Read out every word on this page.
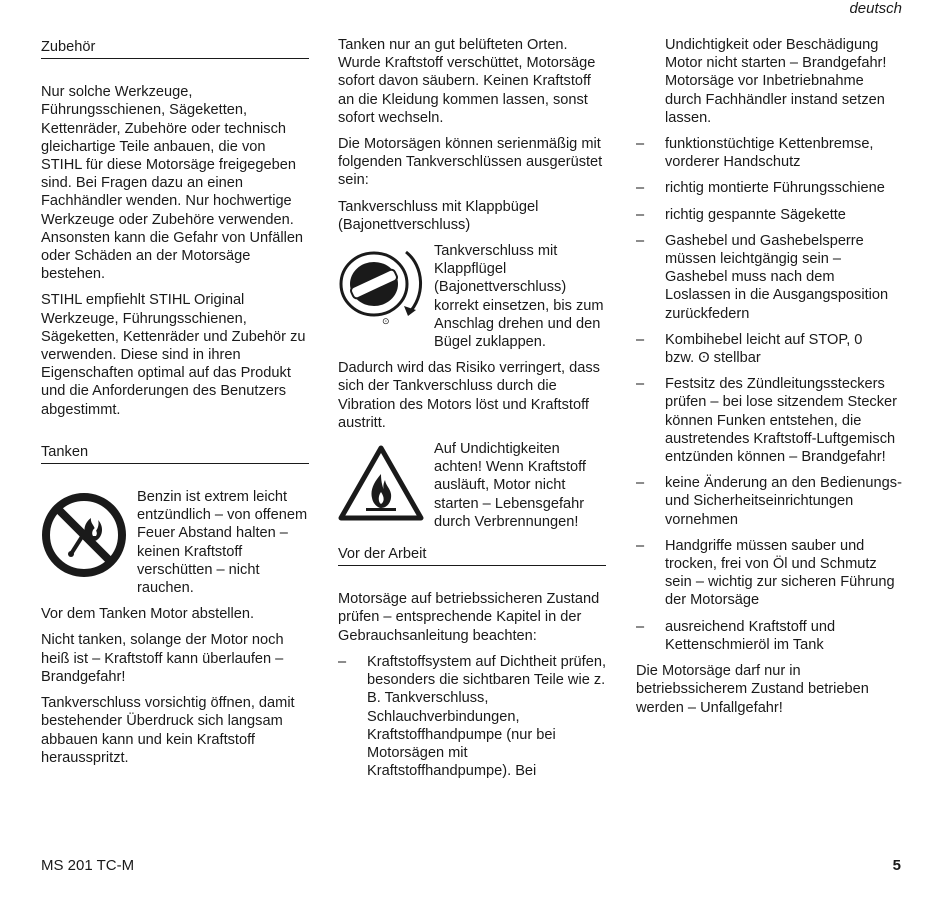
deutsch
Zubehör

Nur solche Werkzeuge, Führungsschienen, Sägeketten, Kettenräder, Zubehöre oder technisch gleichartige Teile anbauen, die von STIHL für diese Motorsäge freigegeben sind. Bei Fragen dazu an einen Fachhändler wenden. Nur hochwertige Werkzeuge oder Zubehöre verwenden. Ansonsten kann die Gefahr von Unfällen oder Schäden an der Motorsäge bestehen.

STIHL empfiehlt STIHL Original Werkzeuge, Führungsschienen, Sägeketten, Kettenräder und Zubehör zu verwenden. Diese sind in ihren Eigenschaften optimal auf das Produkt und die Anforderungen des Benutzers abgestimmt.

Tanken
Benzin ist extrem leicht entzündlich – von offenem Feuer Abstand halten – keinen Kraftstoff verschütten – nicht rauchen.

Vor dem Tanken Motor abstellen.

Nicht tanken, solange der Motor noch heiß ist – Kraftstoff kann überlaufen –
Brandgefahr!

Tankverschluss vorsichtig öffnen, damit bestehender Überdruck sich langsam abbauen kann und kein Kraftstoff herausspritzt.

Tanken nur an gut belüfteten Orten. Wurde Kraftstoff verschüttet, Motorsäge sofort davon säubern. Keinen Kraftstoff an die Kleidung kommen lassen, sonst sofort wechseln.

Die Motorsägen können serienmäßig mit folgenden Tankverschlüssen ausgerüstet sein:

Tankverschluss mit Klappbügel (Bajonettverschluss)
⊙
Tankverschluss mit Klappflügel (Bajonettverschluss) korrekt einsetzen, bis zum Anschlag drehen und den Bügel zuklappen.

Dadurch wird das Risiko verringert, dass sich der Tankverschluss durch die Vibration des Motors löst und Kraftstoff austritt.

Auf Undichtigkeiten achten! Wenn Kraftstoff ausläuft, Motor nicht starten – Lebensgefahr durch Verbrennungen!
Vor der Arbeit

Motorsäge auf betriebssicheren Zustand prüfen – entsprechende Kapitel in der Gebrauchsanleitung beachten:

– Kraftstoffsystem auf Dichtheit prüfen, besonders die sichtbaren Teile wie z. B. Tankverschluss, Schlauchverbindungen, Kraftstoffhandpumpe (nur bei Motorsägen mit Kraftstoffhandpumpe). Bei

Undichtigkeit oder Beschädigung Motor nicht starten – Brandgefahr! Motorsäge vor Inbetriebnahme durch Fachhändler instand setzen lassen.

– funktionstüchtige Kettenbremse, vorderer Handschutz
– richtig montierte Führungsschiene
– richtig gespannte Sägekette
– Gashebel und Gashebelsperre müssen leichtgängig sein – Gashebel muss nach dem Loslassen in die Ausgangsposition zurückfedern
– Kombihebel leicht auf STOP, 0
bzw. ʘ stellbar
– Festsitz des Zündleitungssteckers prüfen – bei lose sitzendem Stecker können Funken entstehen, die austretendes Kraftstoff-Luftgemisch entzünden können – Brandgefahr!
– keine Änderung an den Bedienungs- und Sicherheitseinrichtungen vornehmen
– Handgriffe müssen sauber und trocken, frei von Öl und Schmutz sein – wichtig zur sicheren Führung der Motorsäge
– ausreichend Kraftstoff und Kettenschmieröl im Tank

Die Motorsäge darf nur in betriebssicherem Zustand betrieben werden – Unfallgefahr!

MS 201 TC-M	5
